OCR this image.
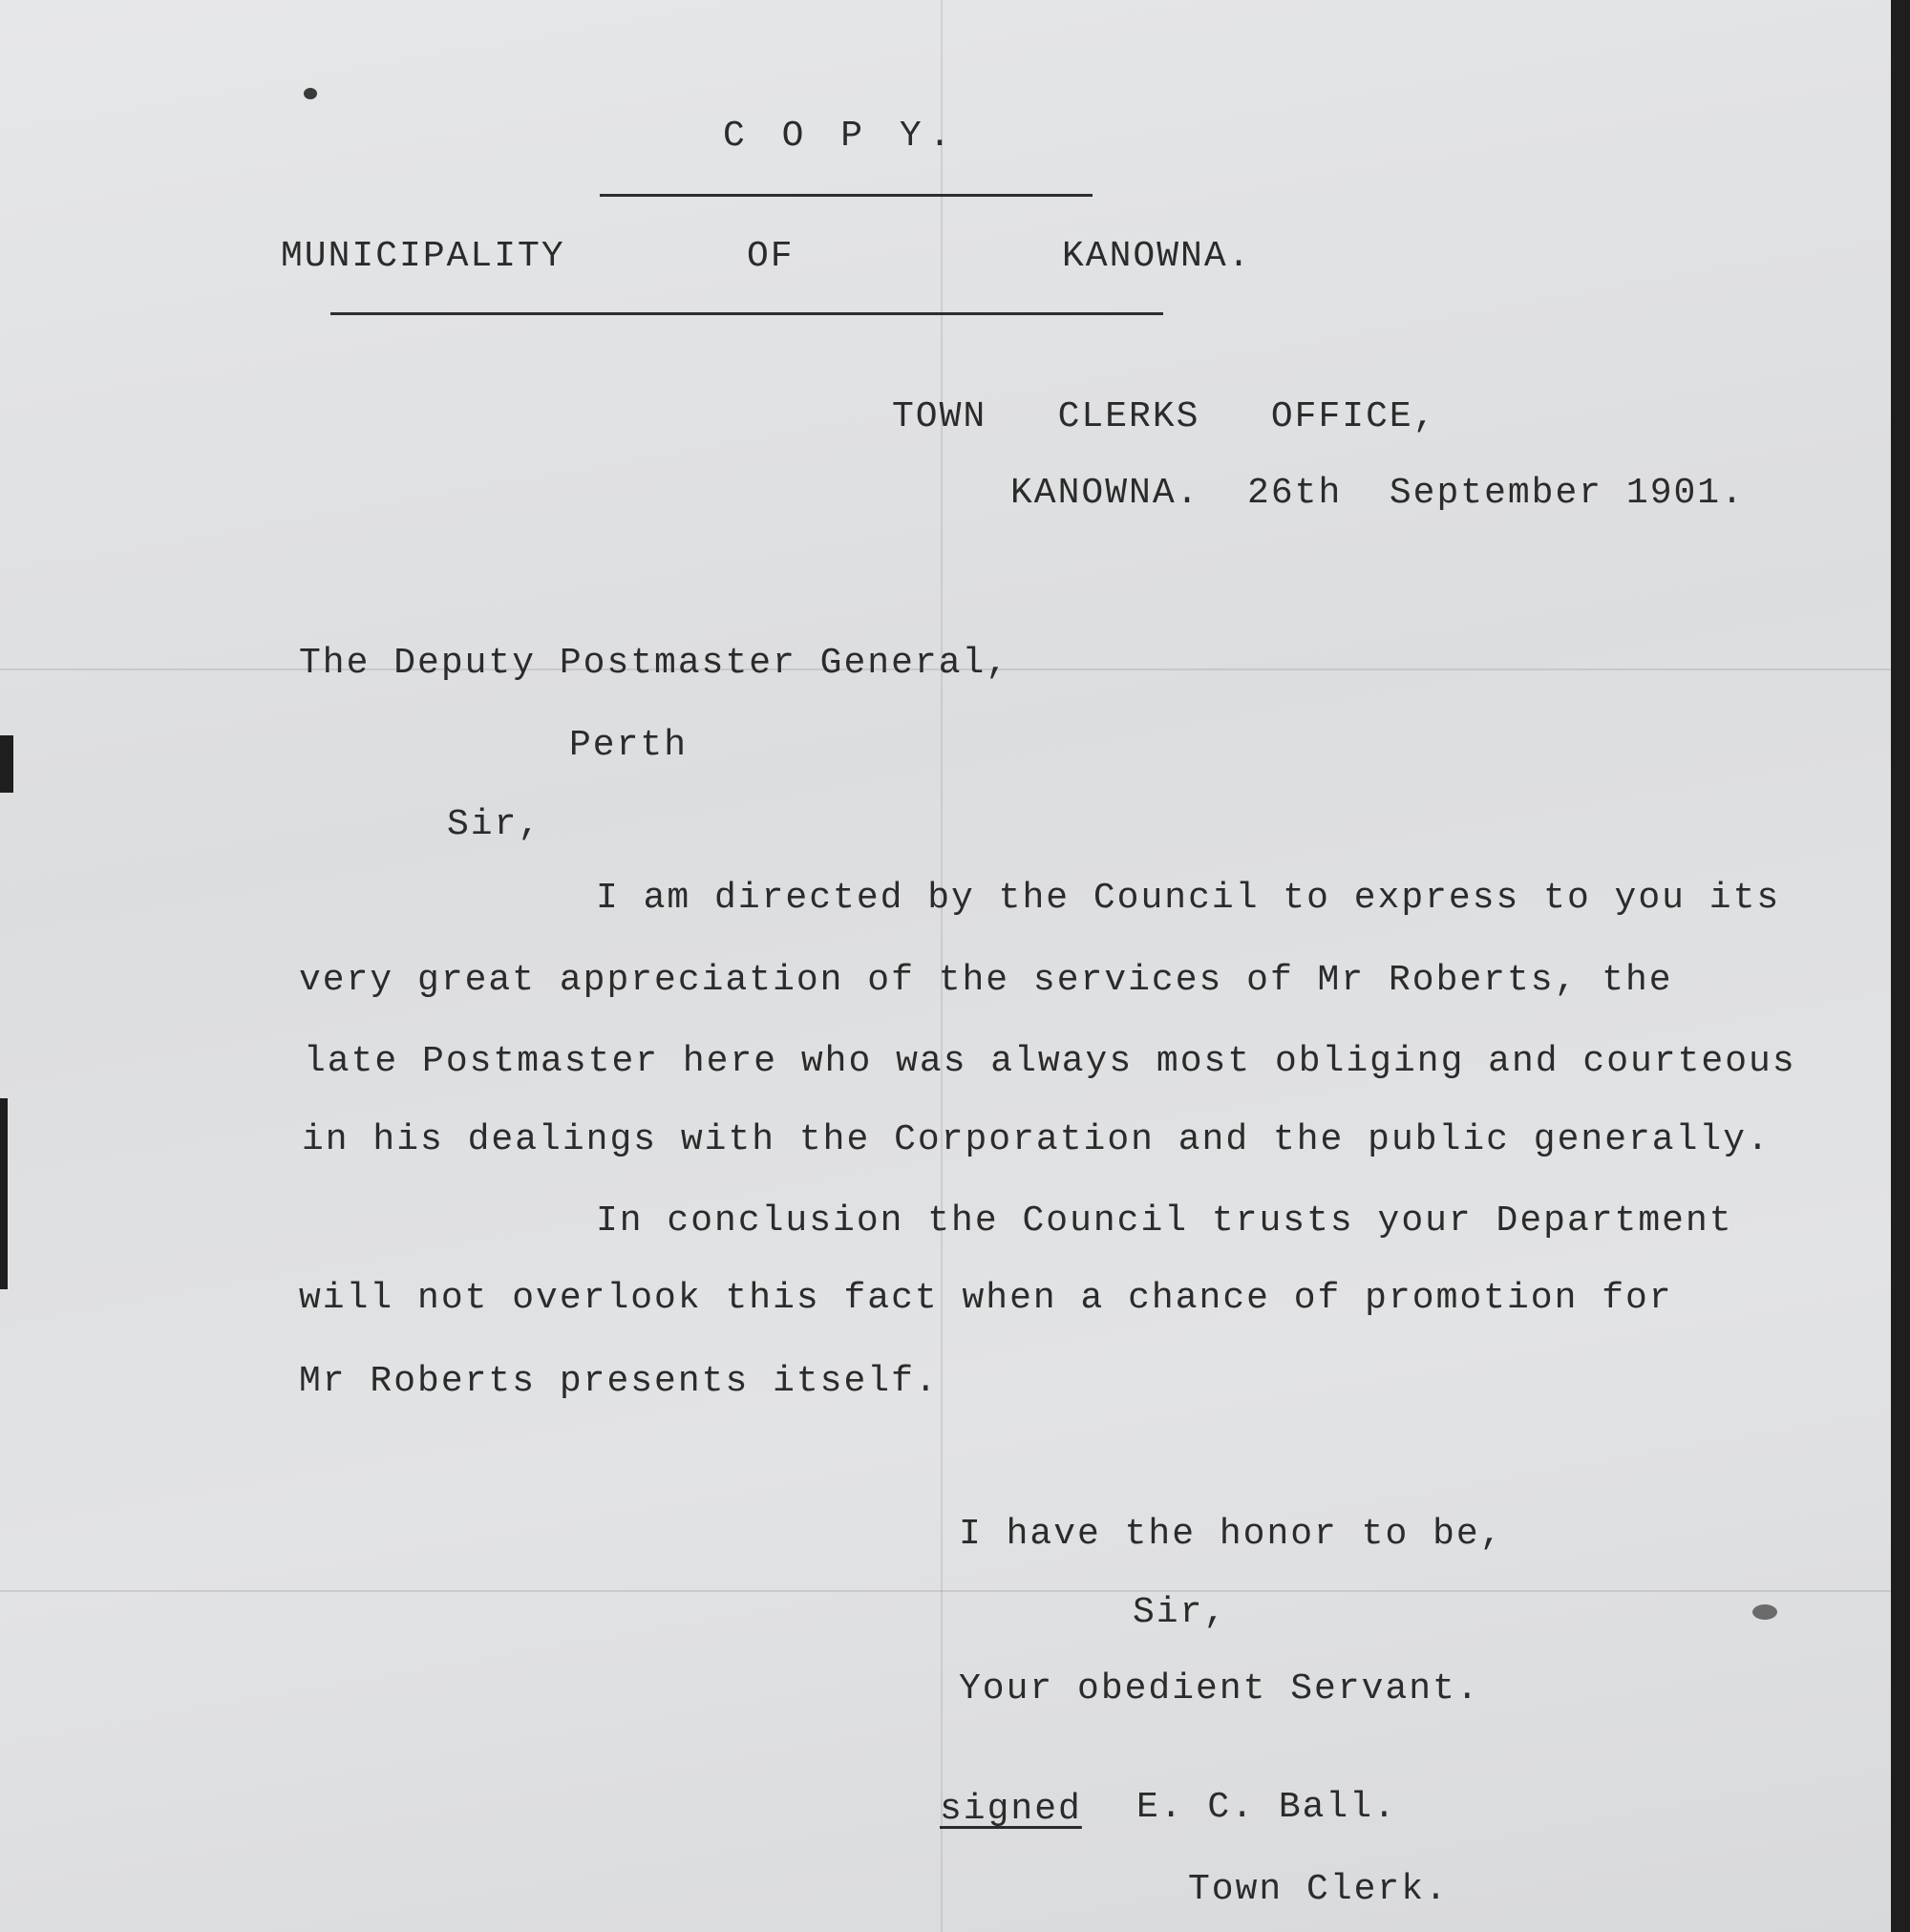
C O P Y.
MUNICIPALITY	OF	KANOWNA.
TOWN   CLERKS   OFFICE,
KANOWNA.  26th  September 1901.
The Deputy Postmaster General,
Perth
Sir,
I am directed by the Council to express to you its
very great appreciation of the services of Mr Roberts, the
late Postmaster here who was always most obliging and courteous
in his dealings with the Corporation and the public generally.
In conclusion the Council trusts your Department
will not overlook this fact when a chance of promotion for
Mr Roberts presents itself.
I have the honor to be,
Sir,
Your obedient Servant.
signed E. C. Ball.
Town Clerk.
